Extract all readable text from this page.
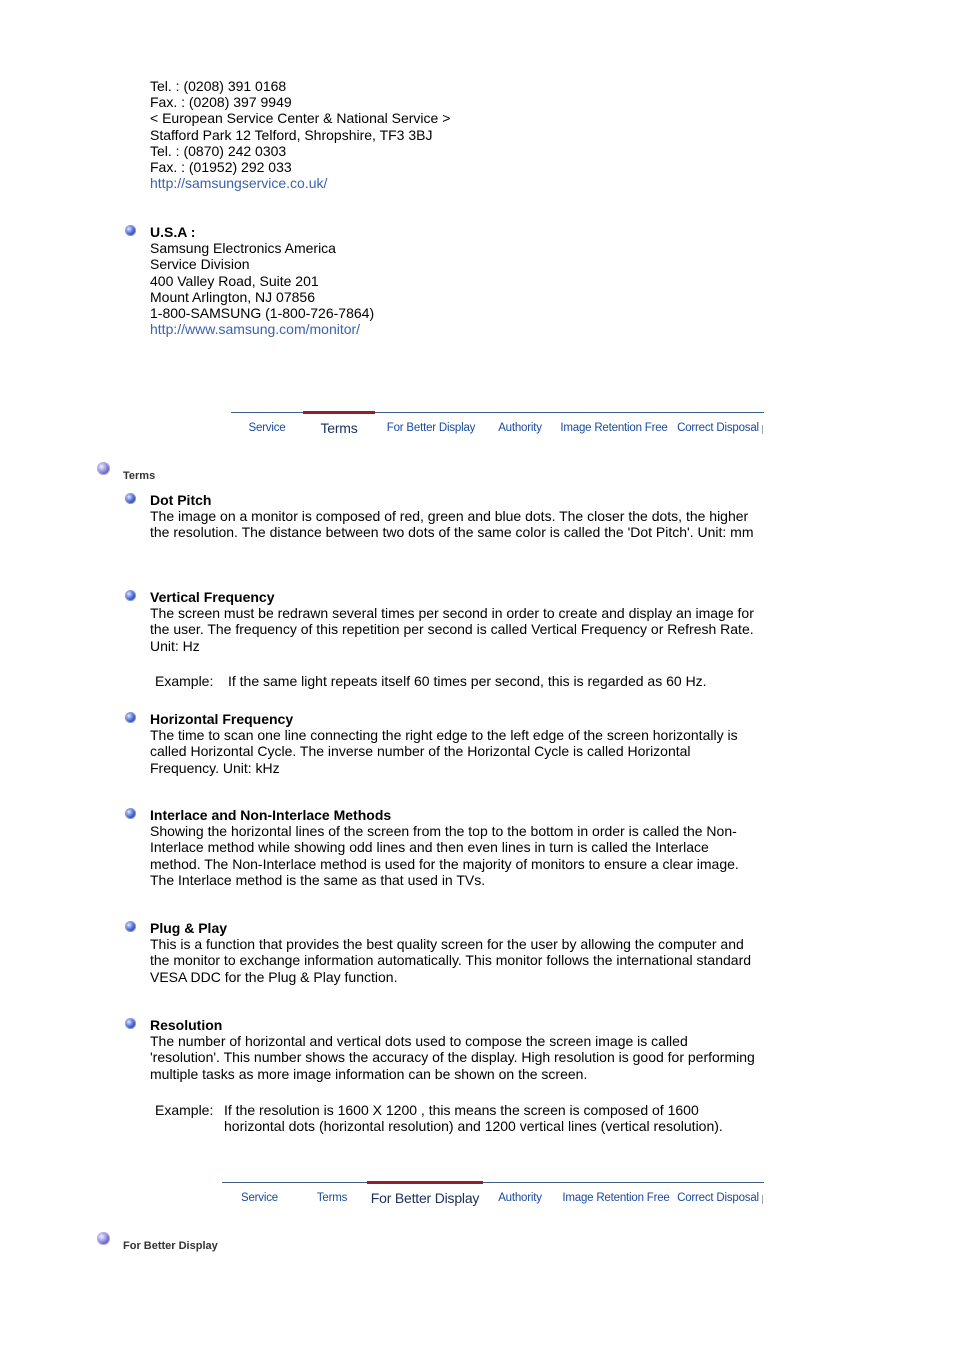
Tel. : (0208) 391 0168
Fax. : (0208) 397 9949
< European Service Center & National Service >
Stafford Park 12 Telford, Shropshire, TF3 3BJ
Tel. : (0870) 242 0303
Fax. : (01952) 292 033
http://samsungservice.co.uk/
U.S.A :
Samsung Electronics America
Service Division
400 Valley Road, Suite 201
Mount Arlington, NJ 07856
1-800-SAMSUNG (1-800-726-7864)
http://www.samsung.com/monitor/
Service	Terms	For Better Display	Authority	Image Retention Free Correct Disposal
Terms
Dot Pitch
The image on a monitor is composed of red, green and blue dots. The closer the dots, the higher the resolution. The distance between two dots of the same color is called the 'Dot Pitch'. Unit: mm
Vertical Frequency
The screen must be redrawn several times per second in order to create and display an image for the user. The frequency of this repetition per second is called Vertical Frequency or Refresh Rate. Unit: Hz
Example: If the same light repeats itself 60 times per second, this is regarded as 60 Hz.
Horizontal Frequency
The time to scan one line connecting the right edge to the left edge of the screen horizontally is called Horizontal Cycle. The inverse number of the Horizontal Cycle is called Horizontal Frequency. Unit: kHz
Interlace and Non-Interlace Methods
Showing the horizontal lines of the screen from the top to the bottom in order is called the Non-Interlace method while showing odd lines and then even lines in turn is called the Interlace method. The Non-Interlace method is used for the majority of monitors to ensure a clear image. The Interlace method is the same as that used in TVs.
Plug & Play
This is a function that provides the best quality screen for the user by allowing the computer and the monitor to exchange information automatically. This monitor follows the international standard VESA DDC for the Plug & Play function.
Resolution
The number of horizontal and vertical dots used to compose the screen image is called 'resolution'. This number shows the accuracy of the display. High resolution is good for performing multiple tasks as more image information can be shown on the screen.
Example: If the resolution is 1600 X 1200 , this means the screen is composed of 1600 horizontal dots (horizontal resolution) and 1200 vertical lines (vertical resolution).
Service	Terms	For Better Display	Authority	Image Retention Free Correct Disposal
For Better Display
